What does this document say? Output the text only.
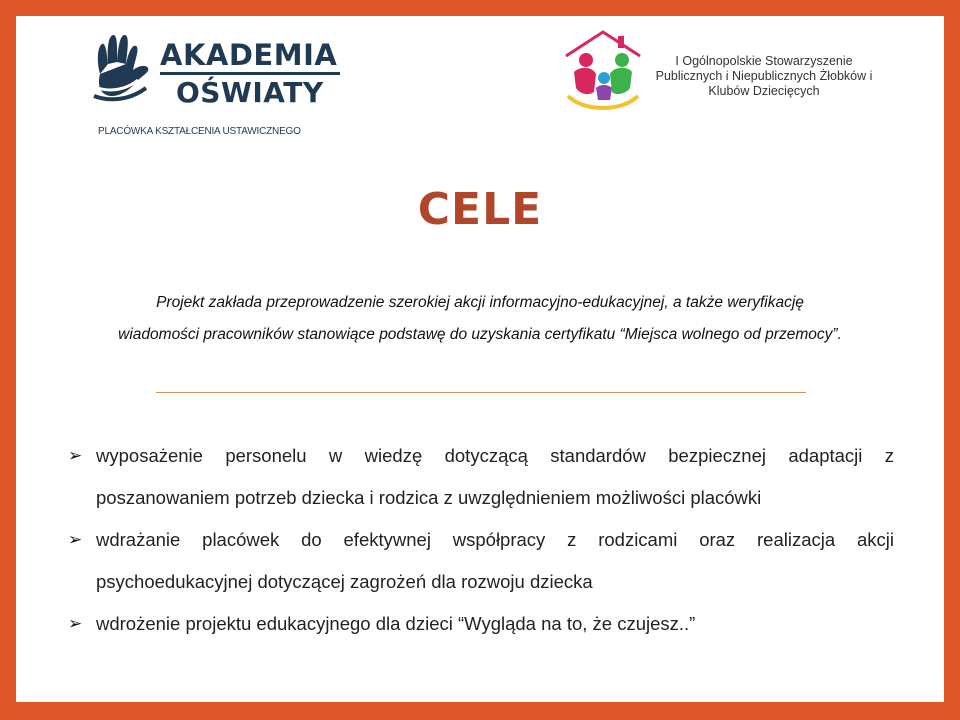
AKADEMIA
OŚWIATY
PLACÓWKA KSZTAŁCENIA USTAWICZNEGO
I Ogólnopolskie Stowarzyszenie Publicznych i Niepublicznych Żłobków i Klubów Dziecięcych
CELE
Projekt zakłada przeprowadzenie szerokiej akcji informacyjno-edukacyjnej, a także weryfikację
wiadomości pracowników stanowiące podstawę do uzyskania certyfikatu “Miejsca wolnego od przemocy”.
➢ wyposażenie personelu w wiedzę dotyczącą standardów bezpiecznej adaptacji z poszanowaniem potrzeb dziecka i rodzica z uwzględnieniem możliwości placówki
➢ wdrażanie placówek do efektywnej współpracy z rodzicami oraz realizacja akcji psychoedukacyjnej dotyczącej zagrożeń dla rozwoju dziecka
➢ wdrożenie projektu edukacyjnego dla dzieci “Wygląda na to, że czujesz..”
